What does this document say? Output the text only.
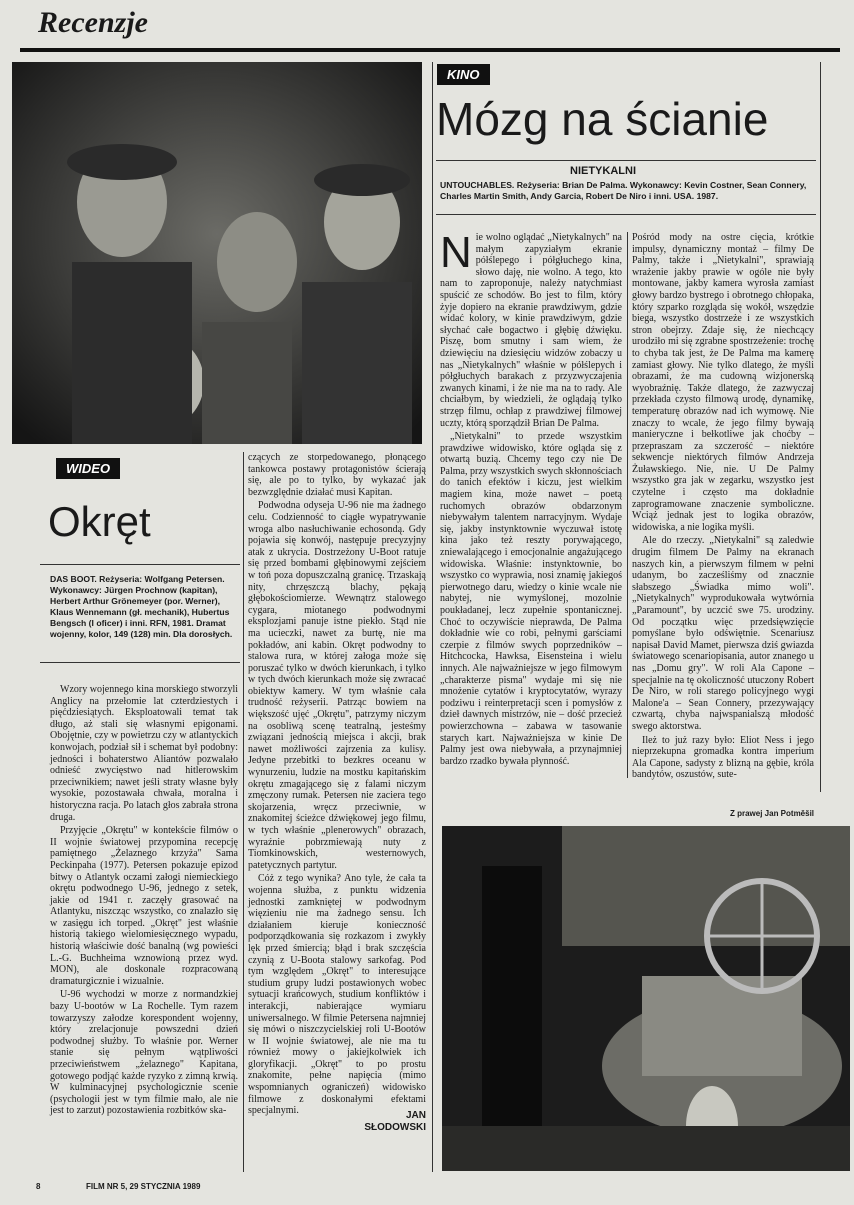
Recenzje
WIDEO
Okręt
DAS BOOT. Reżyseria: Wolfgang Petersen. Wykonawcy: Jürgen Prochnow (kapitan), Herbert Arthur Grönemeyer (por. Werner), Klaus Wennemann (gł. mechanik), Hubertus Bengsch (I oficer) i inni. RFN, 1981. Dramat wojenny, kolor, 149 (128) min. Dla dorosłych.

Wzory wojennego kina morskiego stworzyli Anglicy na przełomie lat czterdziestych i pięćdziesiątych. Eksploatowali temat tak długo, aż stali się własnymi epigonami. Obojętnie, czy w powietrzu czy w atlantyckich konwojach, podział sił i schemat był podobny: jedności i bohaterstwo Aliantów pozwalało odnieść zwycięstwo nad hitlerowskim przeciwnikiem; nawet jeśli straty własne były wysokie, pozostawała chwała, moralna i historyczna racja. Po latach głos zabrała strona druga.

Przyjęcie „Okrętu" w kontekście filmów o II wojnie światowej przypomina recepcję pamiętnego „Żelaznego krzyża" Sama Peckinpaha (1977). Petersen pokazuje epizod bitwy o Atlantyk oczami załogi niemieckiego okrętu podwodnego U-96, jednego z setek, jakie od 1941 r. zaczęły grasować na Atlantyku, niszcząc wszystko, co znalazło się w zasięgu ich torped. „Okręt" jest właśnie historią takiego wielomiesięcznego wypadu, historią właściwie dość banalną (wg powieści L.-G. Buchheima wznowioną przez wyd. MON), ale doskonale rozpracowaną dramaturgicznie i wizualnie.

U-96 wychodzi w morze z normandzkiej bazy U-bootów w La Rochelle. Tym razem towarzyszy załodze korespondent wojenny, który zrelacjonuje powszedni dzień podwodnej służby. To właśnie por. Werner stanie się pełnym wątpliwości przeciwieństwem „żelaznego" Kapitana, gotowego podjąć każde ryzyko z zimną krwią. W kulminacyjnej psychologicznie scenie (psychologii jest w tym filmie mało, ale nie jest to zarzut) pozostawienia rozbitków ska-

czących ze storpedowanego, płonącego tankowca postawy protagonistów ścierają się, ale po to tylko, by wykazać jak bezwzględnie działać musi Kapitan.

Podwodna odyseja U-96 nie ma żadnego celu. Codzienność to ciągłe wypatrywanie wroga albo nasłuchiwanie echosondą. Gdy pojawia się konwój, następuje precyzyjny atak z ukrycia. Dostrzeżony U-Boot ratuje się przed bombami głębinowymi zejściem w toń poza dopuszczalną granicę. Trzaskają nity, chrzęszczą blachy, pękają głębokościomierze. Wewnątrz stalowego cygara, miotanego podwodnymi eksplozjami panuje istne piekło. Stąd nie ma ucieczki, nawet za burtę, nie ma pokładów, ani kabin. Okręt podwodny to stalowa rura, w której załoga może się poruszać tylko w dwóch kierunkach, i tylko w tych dwóch kierunkach może się zwracać obiektyw kamery. W tym właśnie cała trudność reżyserii. Patrząc bowiem na większość ujęć „Okrętu", patrzymy niczym na osobliwą scenę teatralną, jesteśmy związani jednością miejsca i akcji, brak nawet możliwości zajrzenia za kulisy. Jedyne przebitki to bezkres oceanu w wynurzeniu, ludzie na mostku kapitańskim okrętu zmagającego się z falami niczym zmęczony rumak. Petersen nie zaciera tego skojarzenia, wręcz przeciwnie, w znakomitej ścieżce dźwiękowej jego filmu, w tych właśnie „plenerowych" obrazach, wyraźnie pobrzmiewają nuty z Tiomkinowskich, westernowych, patetycznych partytur.

Cóż z tego wynika? Ano tyle, że cała ta wojenna służba, z punktu widzenia jednostki zamkniętej w podwodnym więzieniu nie ma żadnego sensu. Ich działaniem kieruje konieczność podporządkowania się rozkazom i zwykły lęk przed śmiercią; błąd i brak szczęścia czynią z U-Boota stalowy sarkofag. Pod tym względem „Okręt" to interesujące studium grupy ludzi postawionych wobec sytuacji krańcowych, studium konfliktów i interakcji, nabierające wymiaru uniwersalnego. W filmie Petersena najmniej się mówi o niszczycielskiej roli U-Bootów w II wojnie światowej, ale nie ma tu również mowy o jakiejkolwiek ich gloryfikacji. „Okręt" to po prostu znakomite, pełne napięcia (mimo wspomnianych ograniczeń) widowisko filmowe z doskonałymi efektami specjalnymi.	JAN
SŁODOWSKI
KINO
Mózg na ścianie
NIETYKALNI
UNTOUCHABLES. Reżyseria: Brian De Palma. Wykonawcy: Kevin Costner, Sean Connery, Charles Martin Smith, Andy Garcia, Robert De Niro i inni. USA. 1987.
N ie wolno oglądać „Nietykalnych" na małym zapyziałym ekranie półślepego i półgłuchego kina, słowo daję, nie wolno. A tego, kto nam to zaproponuje, należy natychmiast spuścić ze schodów. Bo jest to film, który żyje dopiero na ekranie prawdziwym, gdzie widać kolory, w kinie prawdziwym, gdzie słychać całe bogactwo i głębię dźwięku. Piszę, bom smutny i sam wiem, że dziewięciu na dziesięciu widzów zobaczy u nas „Nietykalnych" właśnie w półślepych i półgłuchych barakach z przyzwyczajenia zwanych kinami, i że nie ma na to rady. Ale chciałbym, by wiedzieli, że oglądają tylko strzęp filmu, ochłap z prawdziwej filmowej uczty, którą sporządził Brian De Palma.

„Nietykalni" to przede wszystkim prawdziwe widowisko, które ogląda się z otwartą buzią. Chcemy tego czy nie De Palma, przy wszystkich swych skłonnościach do tanich efektów i kiczu, jest wielkim magiem kina, może nawet – poetą ruchomych obrazów obdarzonym niebywałym talentem narracyjnym. Wydaje się, jakby instynktownie wyczuwał istotę kina jako też reszty porywającego, zniewalającego i emocjonalnie angażującego widowiska. Właśnie: instynktownie, bo wszystko co wyprawia, nosi znamię jakiegoś pierwotnego daru, wiedzy o kinie wcale nie nabytej, nie wymyślonej, mozolnie poukładanej, lecz zupełnie spontanicznej. Choć to oczywiście nieprawda, De Palma dokładnie wie co robi, pełnymi garściami czerpie z filmów swych poprzedników – Hitchcocka, Hawksa, Eisensteina i wielu innych. Ale najważniejsze w jego filmowym „charakterze pisma" wydaje mi się nie mnożenie cytatów i kryptocytatów, wyrazy podziwu i reinterpretacji scen i pomysłów z dzieł dawnych mistrzów, nie – dość przecież powierzchowna – zabawa w tasowanie starych kart. Najważniejsza w kinie De Palmy jest owa niebywała, a przynajmniej bardzo rzadko bywała płynność.

Pośród mody na ostre cięcia, krótkie impulsy, dynamiczny montaż – filmy De Palmy, także i „Nietykalni", sprawiają wrażenie jakby prawie w ogóle nie były montowane, jakby kamera wyrosła zamiast głowy bardzo bystrego i obrotnego chłopaka, który szparko rozgląda się wokół, wszędzie biega, wszystko dostrzeże i ze wszystkich stron obejrzy. Zdaje się, że niechcący urodziło mi się zgrabne spostrzeżenie: trochę to chyba tak jest, że De Palma ma kamerę zamiast głowy. Nie tylko dlatego, że myśli obrazami, że ma cudowną wizjonerską wyobraźnię. Także dlatego, że zazwyczaj przekłada czysto filmową urodę, dynamikę, temperaturę obrazów nad ich wymowę. Nie znaczy to wcale, że jego filmy bywają manieryczne i bełkotliwe jak choćby – przepraszam za szczerość – niektóre sekwencje niektórych filmów Andrzeja Żuławskiego. Nie, nie. U De Palmy wszystko gra jak w zegarku, wszystko jest czytelne i często ma dokładnie zaprogramowane znaczenie symboliczne. Wciąż jednak jest to logika obrazów, widowiska, a nie logika myśli.

Ale do rzeczy. „Nietykalni" są zaledwie drugim filmem De Palmy na ekranach naszych kin, a pierwszym filmem w pełni udanym, bo zacześliśmy od znacznie słabszego „Świadka mimo woli". „Nietykalnych" wyprodukowała wytwórnia „Paramount", by uczcić swe 75. urodziny. Od początku więc przedsięwzięcie pomyślane było odświętnie. Scenariusz napisał David Mamet, pierwsza dziś gwiazda światowego scenariopisania, autor znanego u nas „Domu gry". W roli Ala Capone – specjalnie na tę okoliczność utuczony Robert De Niro, w roli starego policyjnego wygi Malone'a – Sean Connery, przezywający czwartą, chyba najwspanialszą młodość swego aktorstwa.

Ileż to już razy było: Eliot Ness i jego nieprzekupna gromadka kontra imperium Ala Capone, sadysty z blizną na gębie, króla bandytów, oszustów, sute-

Z prawej Jan Potměšil
8	FILM NR 5, 29 STYCZNIA 1989
